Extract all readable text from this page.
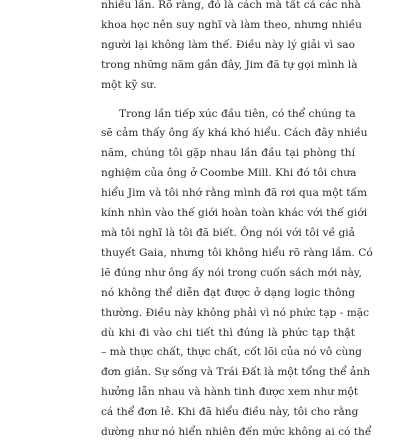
nhiều lần. Rõ ràng, đó là cách mà tất cả các nhà
khoa học nên suy nghĩ và làm theo, nhưng nhiều
người lại không làm thế. Điều này lý giải vì sao
trong những năm gần đây, Jim đã tự gọi mình là
một kỹ sư.
Trong lần tiếp xúc đầu tiên, có thể chúng ta
sẽ cảm thấy ông ấy khá khó hiểu. Cách đây nhiều
năm, chúng tôi gặp nhau lần đầu tại phòng thí
nghiệm của ông ở Coombe Mill. Khi đó tôi chưa
hiểu Jim và tôi nhớ rằng mình đã rơi qua một tấm
kính nhìn vào thế giới hoàn toàn khác với thế giới
mà tôi nghĩ là tôi đã biết. Ông nói với tôi về giả
thuyết Gaia, nhưng tôi không hiểu rõ ràng lắm. Có
lẽ đúng như ông ấy nói trong cuốn sách mới này,
nó không thể diễn đạt được ở dạng logic thông
thường. Điều này không phải vì nó phức tạp - mặc
dù khi đi vào chi tiết thì đúng là phức tạp thật
– mà thực chất, thực chất, cốt lõi của nó vô cùng
đơn giản. Sự sống và Trái Đất là một tổng thể ảnh
hưởng lẫn nhau và hành tinh được xem như một
cá thể đơn lẻ. Khi đã hiểu điều này, tôi cho rằng
dường như nó hiển nhiên đến mức không ai có thể
